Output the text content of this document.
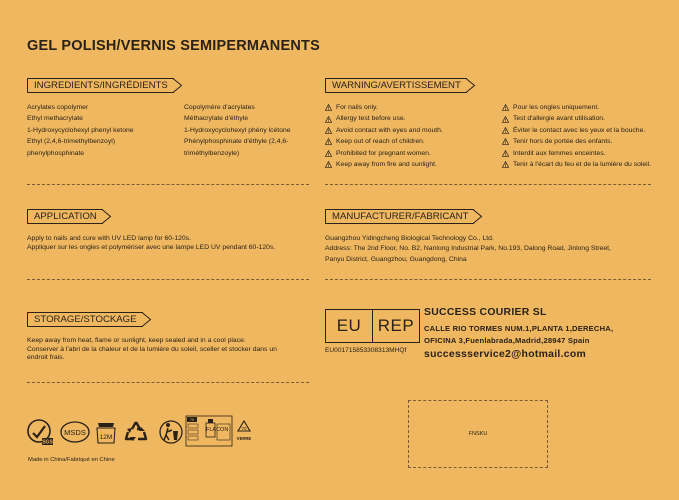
GEL POLISH/VERNIS SEMIPERMANENTS
INGREDIENTS/INGRÉDIENTS
Acrylates copolymer
Ethyl methacrylate
1-Hydroxycyclohexyl phenyl ketone
Ethyl (2,4,6-trimethylbenzoyl)
phenylphosphinate
Copolymère d'acrylates
Méthacrylate d'éthyle
1-Hydroxycyclohexyl phény lcétone
Phénylphosphinate d'éthyle (2,4,6-
triméthylbenzoyle)
WARNING/AVERTISSEMENT
For nails only.
Allergy test before use.
Avoid contact with eyes and mouth.
Keep out of reach of children.
Prohibited for pregnant women.
Keep away from fire and sunlight.
Pour les ongles uniquement.
Test d'allergie avant utilisation.
Éviter le contact avec les yeux et la bouche.
Tenir hors de portée des enfants.
Interdit aux femmes enceintes.
Tenir à l'écart du feu et de la lumière du soleil.
APPLICATION
Apply to nails and cure with UV LED lamp for 60-120s.
Appliquer sur les ongles et polymériser avec une lampe LED UV pendant 60-120s.
MANUFACTURER/FABRICANT
Guangzhou Yidingcheng Biological Technology Co., Ltd.
Address: The 2nd Floor, No. B2, Nanlong Industrial Park, No.193, Dalong Road, Jinlong Street,
Panyu District, Guangzhou, Guangdong, China
STORAGE/STOCKAGE
Keep away from heat, flame or sunlight, keep sealed and in a cool place.
Conserver à l'abri de la chaleur et de la lumière du soleil, sceller et stocker dans un
endroit frais.
EU REP
EU001715853308313MHQf
SUCCESS COURIER SL
CALLE RIO TORMES NUM.1,PLANTA 1,DERECHA,
OFICINA 3,Fuenlabrada,Madrid,28947 Spain
successservice2@hotmail.com
FNSKU
SGS
MSDS
12M
70
70
VERRE
FLACON
Made in China/Fabriqué en Chine
